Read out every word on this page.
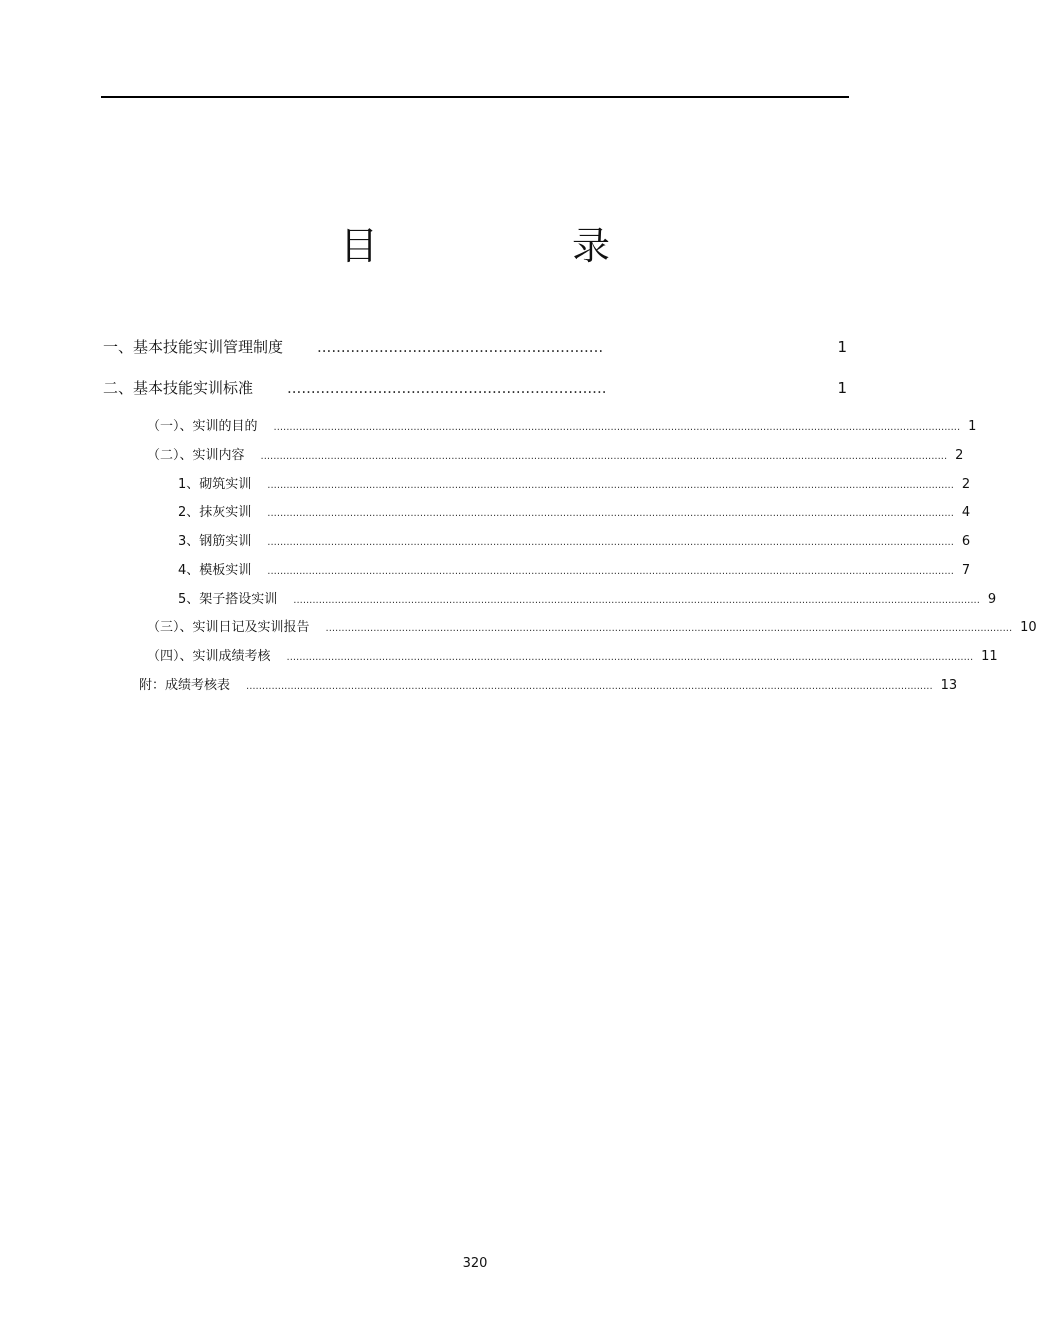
目　录
一、基本技能实训管理制度 ............................................................	1
二、基本技能实训标准 ...................................................................	1
（一）、实训的目的 ........................................................................................................................................................................................................................ 1
（二）、实训内容 ........................................................................................................................................................................................................................ 2
1、砌筑实训 ........................................................................................................................................................................................................................ 2
2、抹灰实训 ........................................................................................................................................................................................................................ 4
3、钢筋实训 ........................................................................................................................................................................................................................ 6
4、模板实训 ........................................................................................................................................................................................................................ 7
5、架子搭设实训 ........................................................................................................................................................................................................................ 9
（三）、实训日记及实训报告 ........................................................................................................................................................................................................................ 10
（四）、实训成绩考核 ........................................................................................................................................................................................................................ 11
附：成绩考核表 ........................................................................................................................................................................................................................ 13
320
